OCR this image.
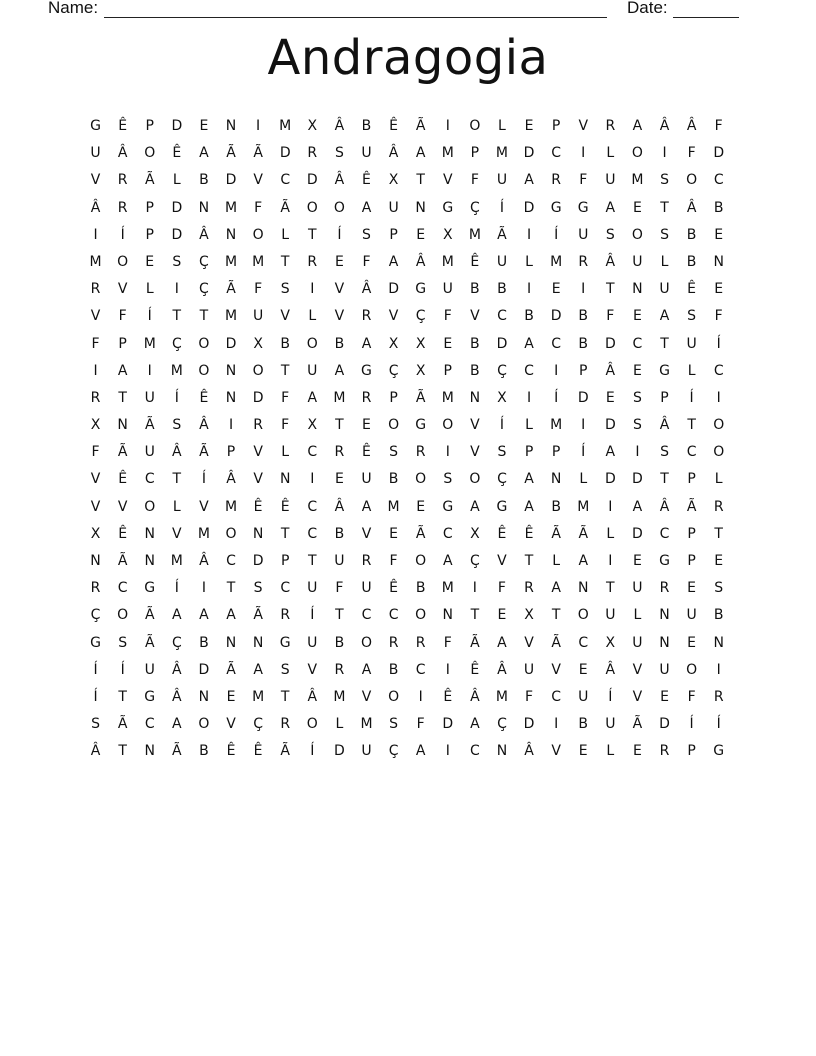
Name:	Date:
Andragogia
G	Ê	P	D	E	N	I	M	X	Â	B	Ê	Ã	I	O	L	E	P	V	R	A	Â	Â	F
U	Â	O	Ê	A	Ã	Ã	D	R	S	U	Â	A	M	P	M	D	C	I	L	O	I	F	D
V	R	Ã	L	B	D	V	C	D	Â	Ê	X	T	V	F	U	A	R	F	U	M	S	O	C
Â	R	P	D	N	M	F	Ã	O	O	A	U	N	G	Ç	Í	D	G	G	A	E	T	Â	B
I	Í	P	D	Â	N	O	L	T	Í	S	P	E	X	M	Ã	I	Í	U	S	O	S	B	E
M	O	E	S	Ç	M	M	T	R	E	F	A	Â	M	Ê	U	L	M	R	Â	U	L	B	N
R	V	L	I	Ç	Ã	F	S	I	V	Â	D	G	U	B	B	I	E	I	T	N	U	Ê	E
V	F	Í	T	T	M	U	V	L	V	R	V	Ç	F	V	C	B	D	B	F	E	A	S	F
F	P	M	Ç	O	D	X	B	O	B	A	X	X	E	B	D	A	C	B	D	C	T	U	Í
I	A	I	M	O	N	O	T	U	A	G	Ç	X	P	B	Ç	C	I	P	Â	E	G	L	C
R	T	U	Í	Ê	N	D	F	A	M	R	P	Ã	M	N	X	I	Í	D	E	S	P	Í	I
X	N	Ã	S	Â	I	R	F	X	T	E	O	G	O	V	Í	L	M	I	D	S	Â	T	O
F	Ã	U	Â	Ã	P	V	L	C	R	Ê	S	R	I	V	S	P	P	Í	A	I	S	C	O
V	Ê	C	T	Í	Â	V	N	I	E	U	B	O	S	O	Ç	A	N	L	D	D	T	P	L
V	V	O	L	V	M	Ê	Ê	C	Â	A	M	E	G	A	G	A	B	M	I	A	Â	Ã	R
X	Ê	N	V	M	O	N	T	C	B	V	E	Ã	C	X	Ê	Ê	Ã	Ã	L	D	C	P	T
N	Ã	N	M	Â	C	D	P	T	U	R	F	O	A	Ç	V	T	L	A	I	E	G	P	E
R	C	G	Í	I	T	S	C	U	F	U	Ê	B	M	I	F	R	A	N	T	U	R	E	S
Ç	O	Ã	A	A	A	Ã	R	Í	T	C	C	O	N	T	E	X	T	O	U	L	N	U	B
G	S	Ã	Ç	B	N	N	G	U	B	O	R	R	F	Ã	A	V	Ã	C	X	U	N	E	N
Í	Í	U	Â	D	Ã	A	S	V	R	A	B	C	I	Ê	Â	U	V	E	Â	V	U	O	I
Í	T	G	Â	N	E	M	T	Â	M	V	O	I	Ê	Â	M	F	C	U	Í	V	E	F	R
S	Ã	C	A	O	V	Ç	R	O	L	M	S	F	D	A	Ç	D	I	B	U	Ã	D	Í	Í
Â	T	N	Ã	B	Ê	Ê	Ã	Í	D	U	Ç	A	I	C	N	Â	V	E	L	E	R	P	G
